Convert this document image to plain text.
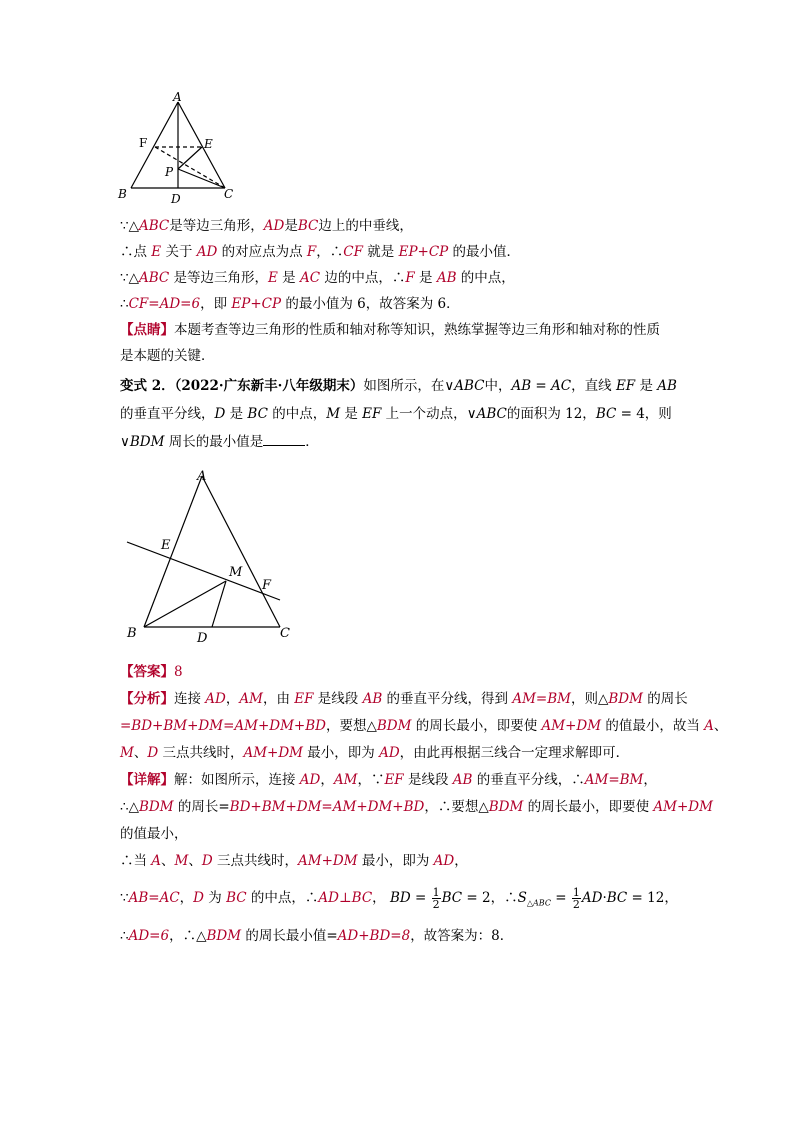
A
F	E
P
B	D	C
∵△ABC是等边三角形，AD是BC边上的中垂线，
∴点 E 关于 AD 的对应点为点 F，∴CF 就是 EP+CP 的最小值．
∵△ABC 是等边三角形，E 是 AC 边的中点，∴F 是 AB 的中点，
∴CF=AD=6，即 EP+CP 的最小值为 6，故答案为 6．
【点睛】本题考查等边三角形的性质和轴对称等知识，熟练掌握等边三角形和轴对称的性质
是本题的关键．
变式 2．（2022·广东新丰·八年级期末）如图所示，在∨ABC中，AB = AC，直线 EF 是 AB
的垂直平分线，D 是 BC 的中点，M 是 EF 上一个动点，∨ABC的面积为 12，BC = 4，则
∨BDM 周长的最小值是	．
A
E
M
F
B	D	C
【答案】8
【分析】连接 AD，AM，由 EF 是线段 AB 的垂直平分线，得到 AM=BM，则△BDM 的周长
=BD+BM+DM=AM+DM+BD，要想△BDM 的周长最小，即要使 AM+DM 的值最小，故当 A、
M、D 三点共线时，AM+DM 最小，即为 AD，由此再根据三线合一定理求解即可．
【详解】解：如图所示，连接 AD，AM，∵EF 是线段 AB 的垂直平分线，∴AM=BM，
∴△BDM 的周长=BD+BM+DM=AM+DM+BD，∴要想△BDM 的周长最小，即要使 AM+DM
的值最小，
∴当 A、M、D 三点共线时，AM+DM 最小，即为 AD，
∵AB=AC，D 为 BC 的中点，∴AD⊥BC， BD = $\frac{1}{2}$ BC = 2，$\therefore S_{\triangle ABC} = \frac{1}{2} AD\cdot BC = 12$，
∴AD=6，∴△BDM 的周长最小值=AD+BD=8，故答案为：8．
